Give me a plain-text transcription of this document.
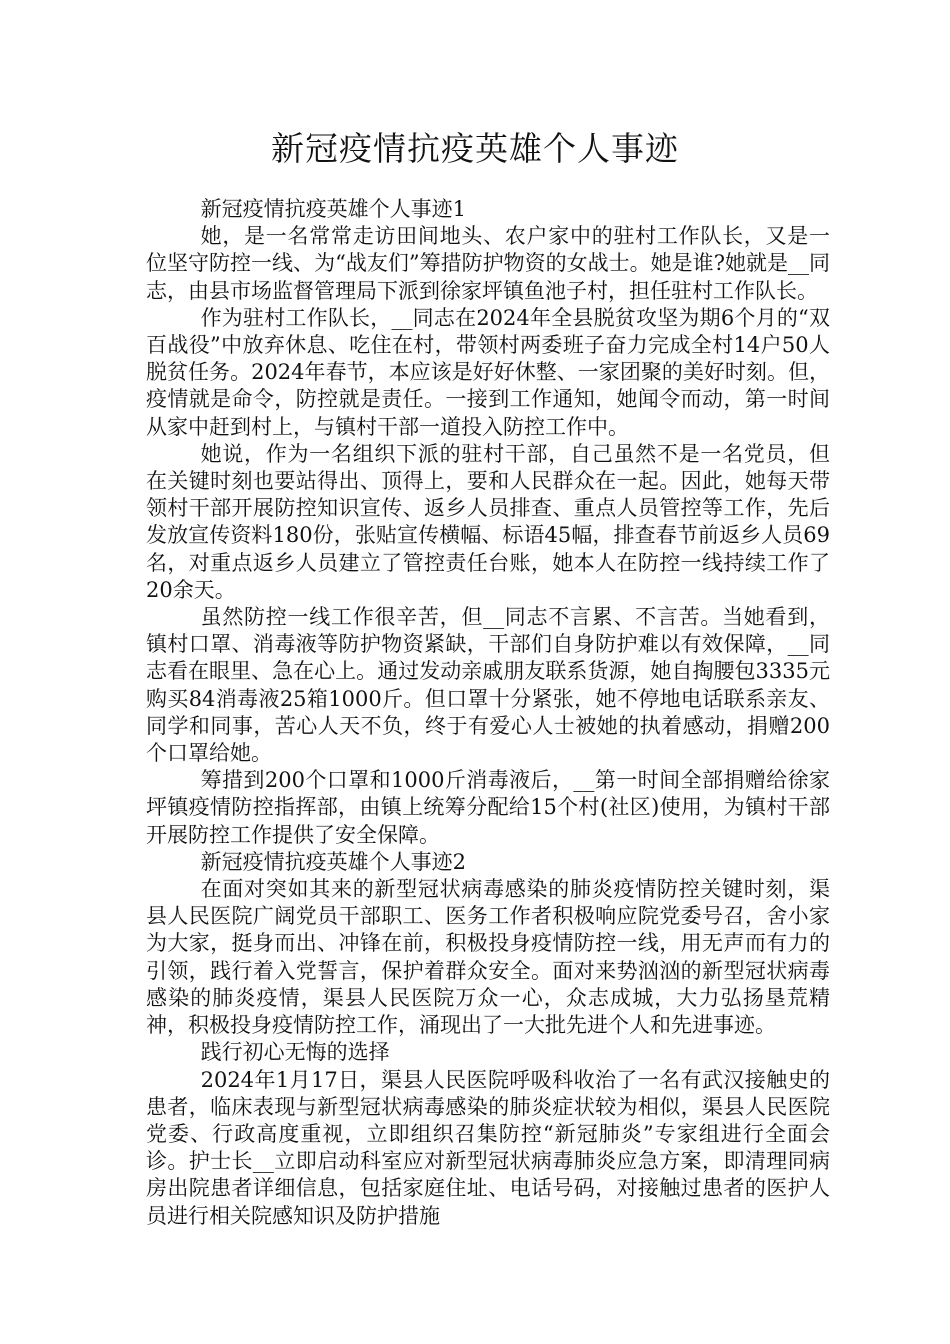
新冠疫情抗疫英雄个人事迹

新冠疫情抗疫英雄个人事迹1

她，是一名常常走访田间地头、农户家中的驻村工作队长，又是一位坚守防控一线、为“战友们”筹措防护物资的女战士。她是谁?她就是__同志，由县市场监督管理局下派到徐家坪镇鱼池子村，担任驻村工作队长。

作为驻村工作队长，__同志在2024年全县脱贫攻坚为期6个月的“双百战役”中放弃休息、吃住在村，带领村两委班子奋力完成全村14户50人脱贫任务。2024年春节，本应该是好好休整、一家团聚的美好时刻。但，疫情就是命令，防控就是责任。一接到工作通知，她闻令而动，第一时间从家中赶到村上，与镇村干部一道投入防控工作中。

她说，作为一名组织下派的驻村干部，自己虽然不是一名党员，但在关键时刻也要站得出、顶得上，要和人民群众在一起。因此，她每天带领村干部开展防控知识宣传、返乡人员排查、重点人员管控等工作，先后发放宣传资料180份，张贴宣传横幅、标语45幅，排查春节前返乡人员69名，对重点返乡人员建立了管控责任台账，她本人在防控一线持续工作了20余天。

虽然防控一线工作很辛苦，但__同志不言累、不言苦。当她看到，镇村口罩、消毒液等防护物资紧缺，干部们自身防护难以有效保障，__同志看在眼里、急在心上。通过发动亲戚朋友联系货源，她自掏腰包3335元购买84消毒液25箱1000斤。但口罩十分紧张，她不停地电话联系亲友、同学和同事，苦心人天不负，终于有爱心人士被她的执着感动，捐赠200个口罩给她。

筹措到200个口罩和1000斤消毒液后，__第一时间全部捐赠给徐家坪镇疫情防控指挥部，由镇上统筹分配给15个村(社区)使用，为镇村干部开展防控工作提供了安全保障。

新冠疫情抗疫英雄个人事迹2

在面对突如其来的新型冠状病毒感染的肺炎疫情防控关键时刻，渠县人民医院广阔党员干部职工、医务工作者积极响应院党委号召，舍小家为大家，挺身而出、冲锋在前，积极投身疫情防控一线，用无声而有力的引领，践行着入党誓言，保护着群众安全。面对来势汹汹的新型冠状病毒感染的肺炎疫情，渠县人民医院万众一心，众志成城，大力弘扬垦荒精神，积极投身疫情防控工作，涌现出了一大批先进个人和先进事迹。

践行初心无悔的选择

2024年1月17日，渠县人民医院呼吸科收治了一名有武汉接触史的患者，临床表现与新型冠状病毒感染的肺炎症状较为相似，渠县人民医院党委、行政高度重视，立即组织召集防控“新冠肺炎”专家组进行全面会诊。护士长__立即启动科室应对新型冠状病毒肺炎应急方案，即清理同病房出院患者详细信息，包括家庭住址、电话号码，对接触过患者的医护人员进行相关院感知识及防护措施
